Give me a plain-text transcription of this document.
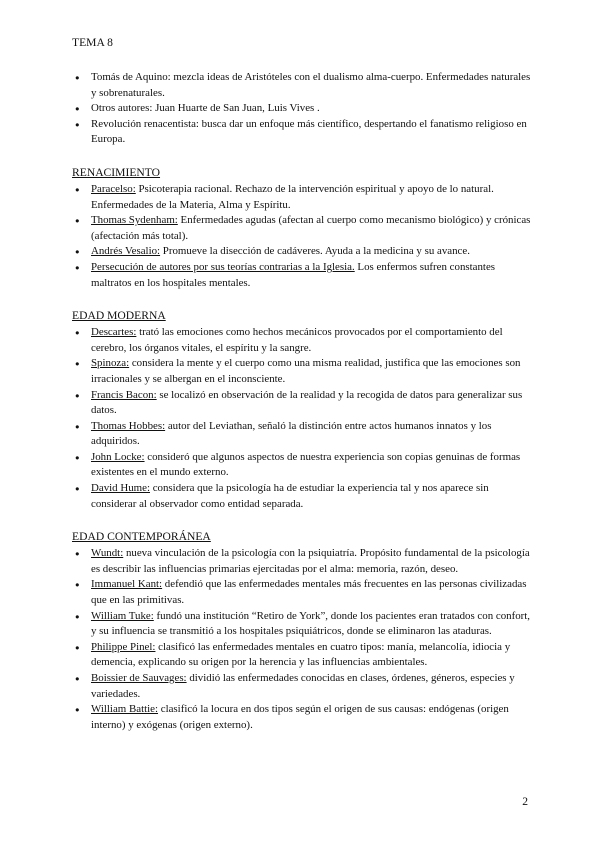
TEMA 8
● Tomás de Aquino: mezcla ideas de Aristóteles con el dualismo alma-cuerpo. Enfermedades naturales y sobrenaturales.
● Otros autores: Juan Huarte de San Juan, Luis Vives .
● Revolución renacentista: busca dar un enfoque más científico, despertando el fanatismo religioso en Europa.
RENACIMIENTO
● Paracelso: Psicoterapia racional. Rechazo de la intervención espiritual y apoyo de lo natural. Enfermedades de la Materia, Alma y Espíritu.
● Thomas Sydenham: Enfermedades agudas (afectan al cuerpo como mecanismo biológico) y crónicas (afectación más total).
● Andrés Vesalio: Promueve la disección de cadáveres. Ayuda a la medicina y su avance.
● Persecución de autores por sus teorías contrarias a la Iglesia. Los enfermos sufren constantes maltratos en los hospitales mentales.
EDAD MODERNA
● Descartes: trató las emociones como hechos mecánicos provocados por el comportamiento del cerebro, los órganos vitales, el espíritu y la sangre.
● Spinoza: considera la mente y el cuerpo como una misma realidad, justifica que las emociones son irracionales y se albergan en el inconsciente.
● Francis Bacon: se localizó en observación de la realidad y la recogida de datos para generalizar sus datos.
● Thomas Hobbes: autor del Leviathan, señaló la distinción entre actos humanos innatos y los adquiridos.
● John Locke: consideró que algunos aspectos de nuestra experiencia son copias genuinas de formas existentes en el mundo externo.
● David Hume: considera que la psicología ha de estudiar la experiencia tal y nos aparece sin considerar al observador como entidad separada.
EDAD CONTEMPORÁNEA
● Wundt: nueva vinculación de la psicología con la psiquiatría. Propósito fundamental de la psicología es describir las influencias primarias ejercitadas por el alma: memoria, razón, deseo.
● Immanuel Kant: defendió que las enfermedades mentales más frecuentes en las personas civilizadas que en las primitivas.
● William Tuke: fundó una institución “Retiro de York”, donde los pacientes eran tratados con confort, y su influencia se transmitió a los hospitales psiquiátricos, donde se eliminaron las ataduras.
● Philippe Pinel: clasificó las enfermedades mentales en cuatro tipos: manía, melancolía, idiocia y demencia, explicando su origen por la herencia y las influencias ambientales.
● Boissier de Sauvages: dividió las enfermedades conocidas en clases, órdenes, géneros, especies y variedades.
● William Battie: clasificó la locura en dos tipos según el origen de sus causas: endógenas (origen interno) y exógenas (origen externo).
2
